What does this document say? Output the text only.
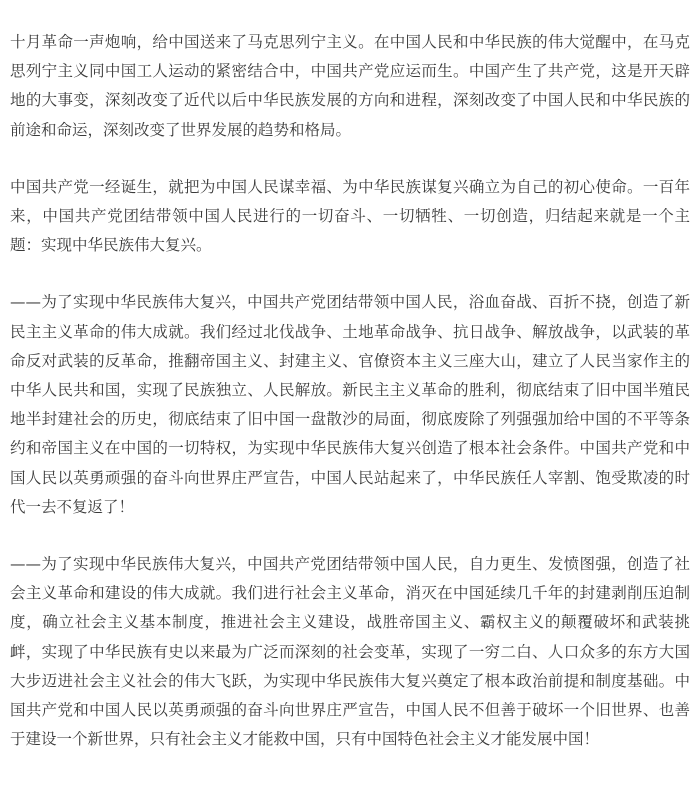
十月革命一声炮响，给中国送来了马克思列宁主义。在中国人民和中华民族的伟大觉醒中，在马克思列宁主义同中国工人运动的紧密结合中，中国共产党应运而生。中国产生了共产党，这是开天辟地的大事变，深刻改变了近代以后中华民族发展的方向和进程，深刻改变了中国人民和中华民族的前途和命运，深刻改变了世界发展的趋势和格局。

中国共产党一经诞生，就把为中国人民谋幸福、为中华民族谋复兴确立为自己的初心使命。一百年来，中国共产党团结带领中国人民进行的一切奋斗、一切牺牲、一切创造，归结起来就是一个主题：实现中华民族伟大复兴。

——为了实现中华民族伟大复兴，中国共产党团结带领中国人民，浴血奋战、百折不挠，创造了新民主主义革命的伟大成就。我们经过北伐战争、土地革命战争、抗日战争、解放战争，以武装的革命反对武装的反革命，推翻帝国主义、封建主义、官僚资本主义三座大山，建立了人民当家作主的中华人民共和国，实现了民族独立、人民解放。新民主主义革命的胜利，彻底结束了旧中国半殖民地半封建社会的历史，彻底结束了旧中国一盘散沙的局面，彻底废除了列强强加给中国的不平等条约和帝国主义在中国的一切特权，为实现中华民族伟大复兴创造了根本社会条件。中国共产党和中国人民以英勇顽强的奋斗向世界庄严宣告，中国人民站起来了，中华民族任人宰割、饱受欺凌的时代一去不复返了！

——为了实现中华民族伟大复兴，中国共产党团结带领中国人民，自力更生、发愤图强，创造了社会主义革命和建设的伟大成就。我们进行社会主义革命，消灭在中国延续几千年的封建剥削压迫制度，确立社会主义基本制度，推进社会主义建设，战胜帝国主义、霸权主义的颠覆破坏和武装挑衅，实现了中华民族有史以来最为广泛而深刻的社会变革，实现了一穷二白、人口众多的东方大国大步迈进社会主义社会的伟大飞跃，为实现中华民族伟大复兴奠定了根本政治前提和制度基础。中国共产党和中国人民以英勇顽强的奋斗向世界庄严宣告，中国人民不但善于破坏一个旧世界、也善于建设一个新世界，只有社会主义才能救中国，只有中国特色社会主义才能发展中国！
